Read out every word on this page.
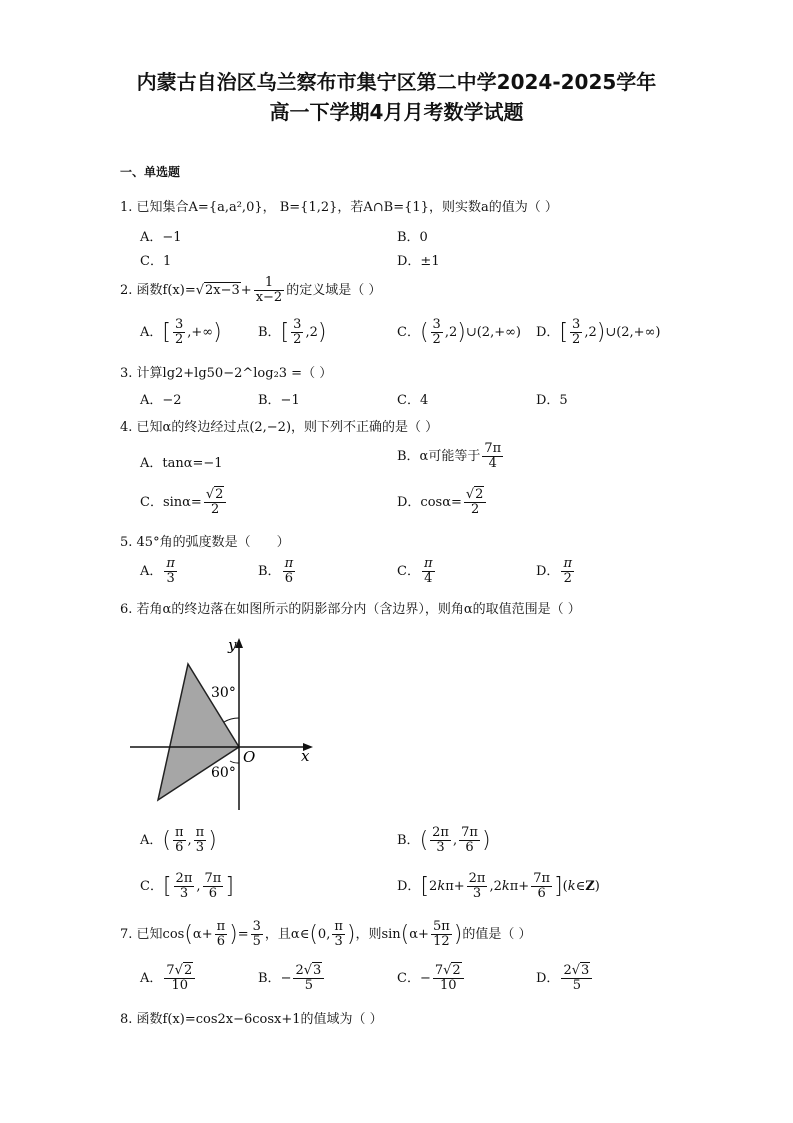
内蒙古自治区乌兰察布市集宁区第二中学2024-2025学年
高一下学期4月月考数学试题
一、单选题
1. 已知集合A={a,a²,0}， B={1,2}，若A∩B={1}，则实数a的值为（ ）
A．−1	B．0
C．1	D．±1
2. 函数$f(x)=√2x-3+ \frac{1}{x-2}$ 的定义域是（ ）
A．[ $\frac{3}{2}$ ,+∞)	B．[ $\frac{3}{2} ,2$)	C．( $\frac{3}{2}$ ,2)∪(2,+∞) D．[ $\frac{3}{2}$ ,2)∪(2,+∞)
3. 计算lg2+lg50−2^log₂3 =（ ）
A．−2	B．−1	C．4	D．5
4. 已知α的终边经过点(2,−2)，则下列不正确的是（ ）
A．tanα=−1	B．α可能等于 $\frac{7\pi}{4}$
C．$\sin\alpha= \frac{√2}{2}$	D．$\cos\alpha= \frac{√2}{2}$
5. 45°角的弧度数是（　　）
A． $\frac{\pi}{3}$	B． $\frac{\pi}{6}$	C． $\frac{\pi}{4}$	D． $\frac{\pi}{2}$
6. 若角α的终边落在如图所示的阴影部分内（含边界），则角α的取值范围是（ ）
y
x
O
30°
60°
A．( $\frac{\pi}{6}$ , $\frac{\pi}{3}$ )	B．( $\frac{2\pi}{3}$ , $\frac{7\pi}{6}$ )
C．[ $\frac{2\pi}{3}$ , $\frac{7\pi}{6}$ ]	D．[$2k\pi+ \frac{2\pi}{3} ,2k\pi+ \frac{7\pi}{6}$ ](k∈Z)
7. 已知$\cos(\alpha+ \frac{\pi}{6}$ )= $\frac{3}{5}$ ，且α∈(0, $\frac{\pi}{3}$ )，则$\sin(\alpha+ \frac{5\pi}{12}$ )的值是（ ）
A． $\frac{7√2}{10}$	B．− $\frac{2√3}{5}$	C．− $\frac{7√2}{10}$	D． $\frac{2√3}{5}$
8. 函数f(x)=cos2x−6cosx+1的值域为（ ）
